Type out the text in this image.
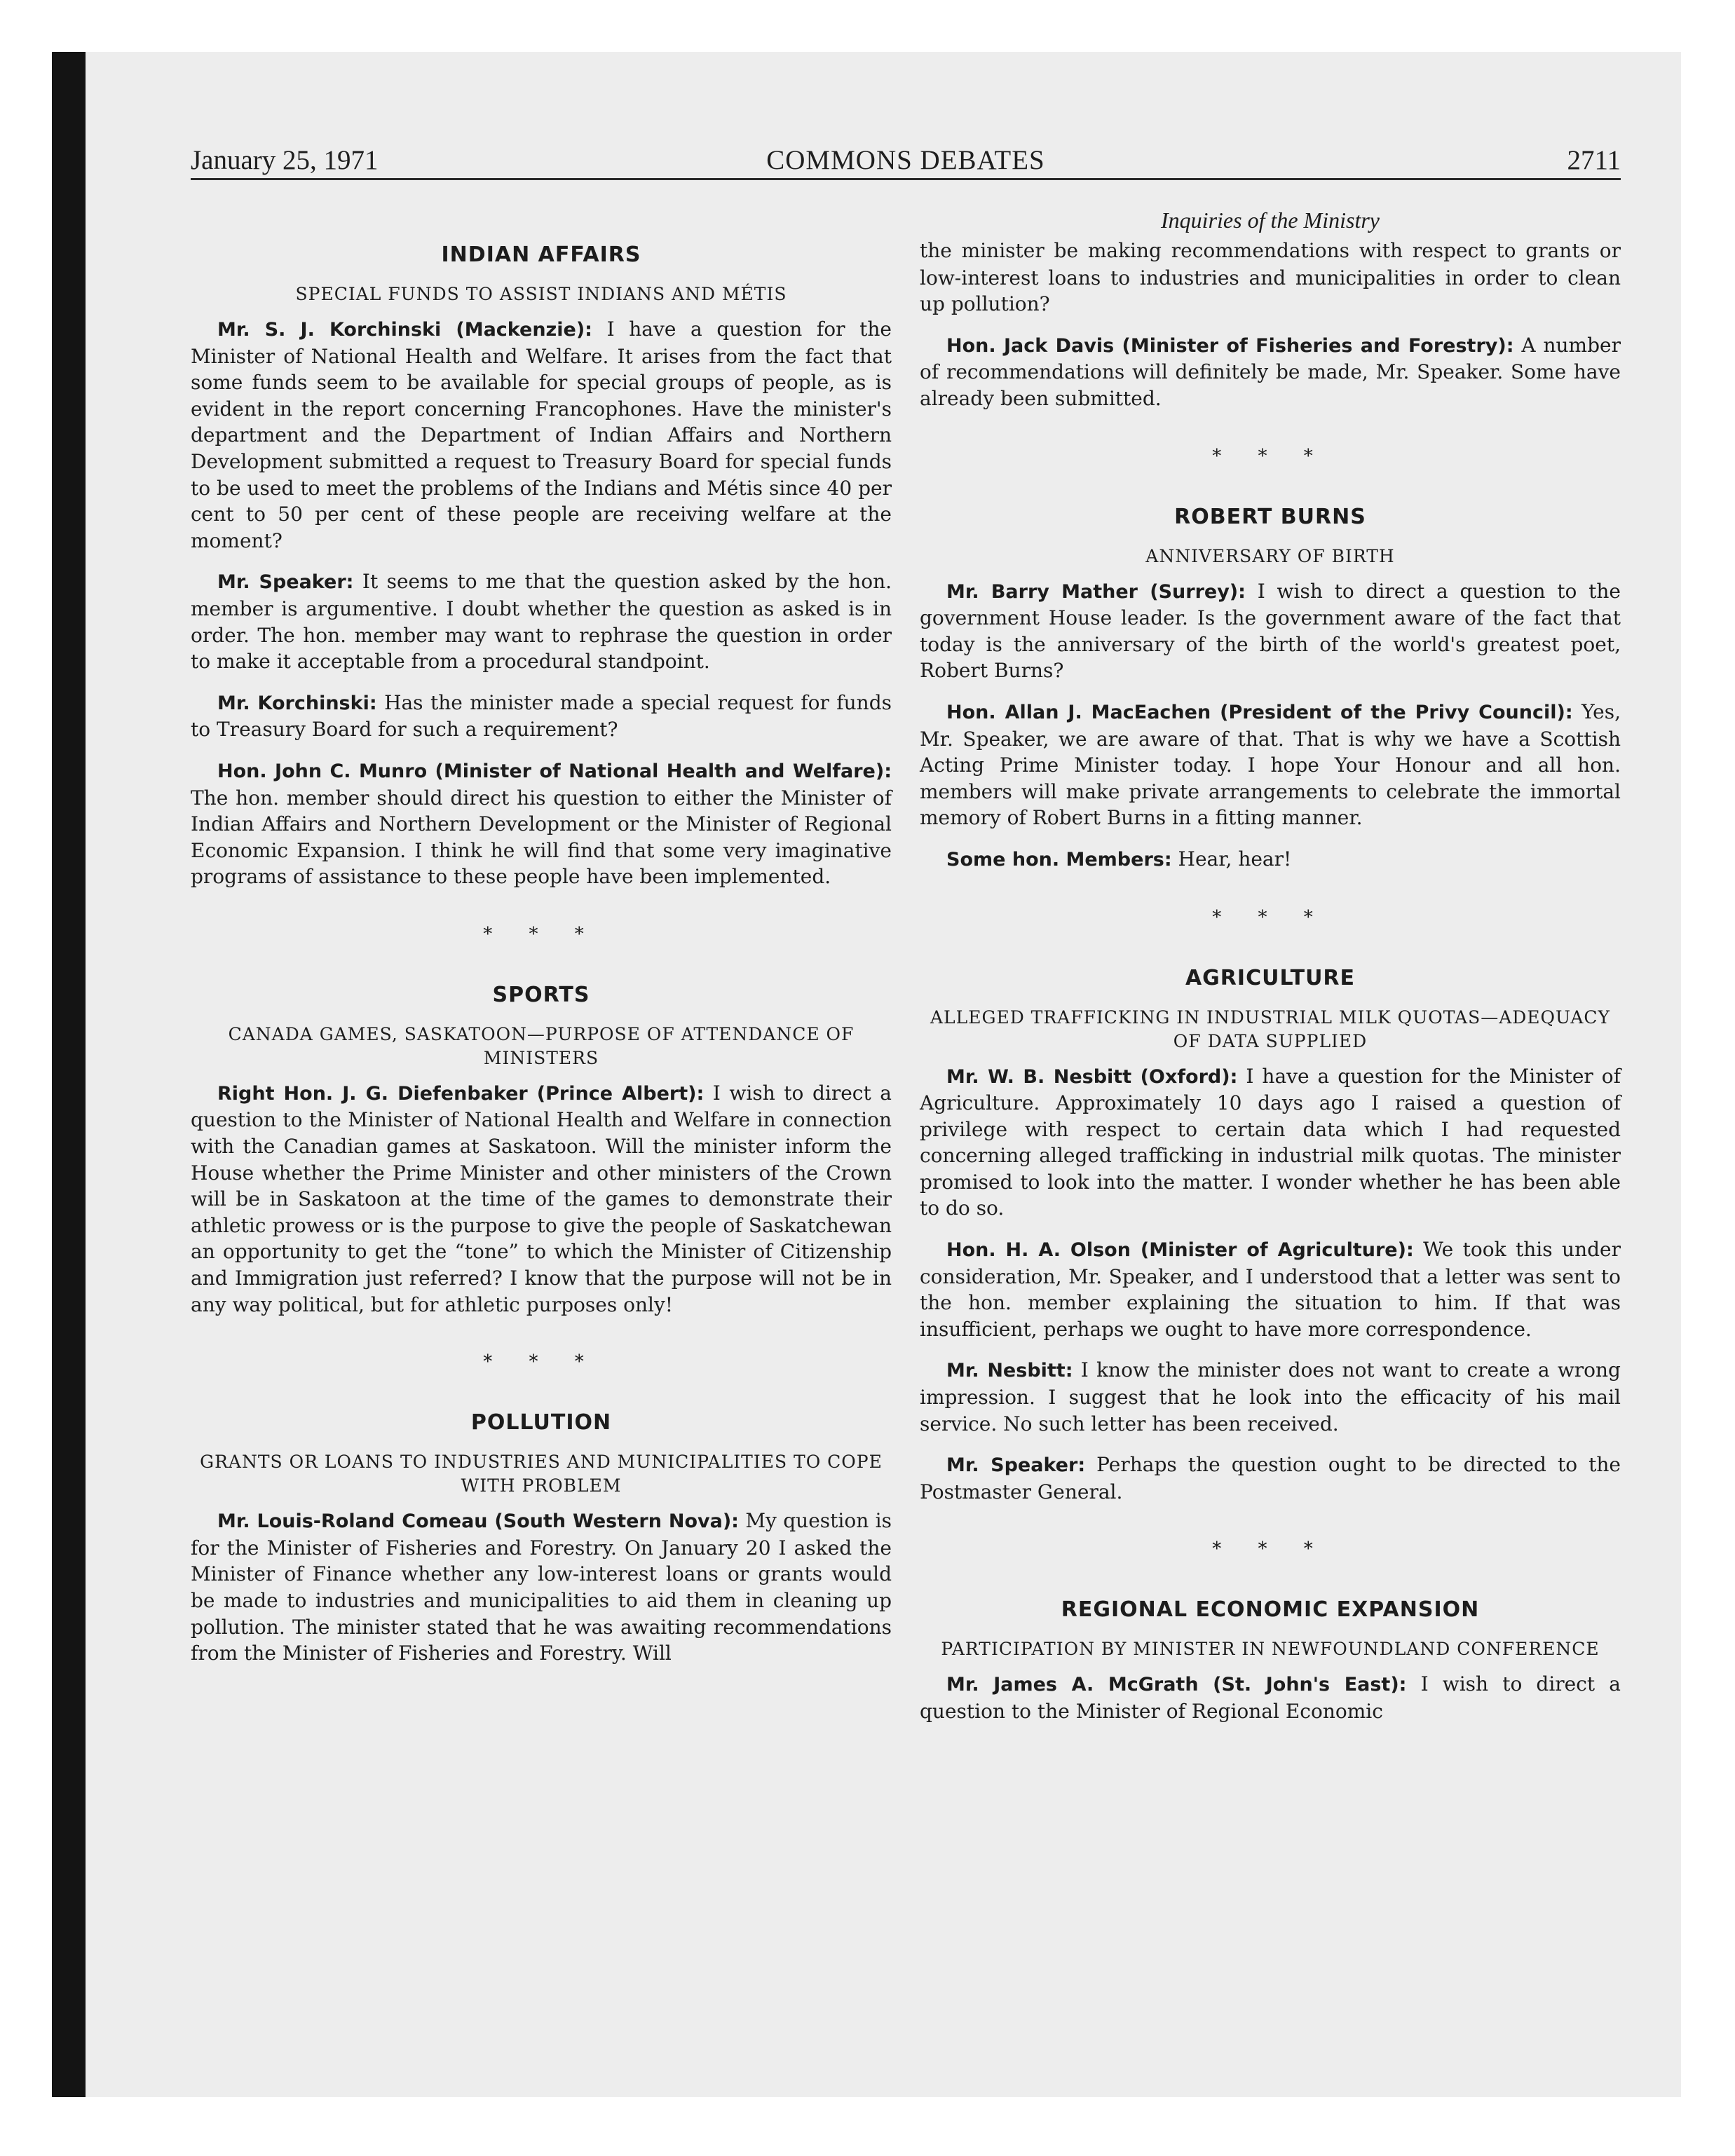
COMMONS DEBATES
January 25, 1971	2711
INDIAN AFFAIRS
SPECIAL FUNDS TO ASSIST INDIANS AND MÉTIS

Mr. S. J. Korchinski (Mackenzie): I have a question for the Minister of National Health and Welfare. It arises from the fact that some funds seem to be available for special groups of people, as is evident in the report concerning Francophones. Have the minister's department and the Department of Indian Affairs and Northern Development submitted a request to Treasury Board for special funds to be used to meet the problems of the Indians and Métis since 40 per cent to 50 per cent of these people are receiving welfare at the moment?

Mr. Speaker: It seems to me that the question asked by the hon. member is argumentive. I doubt whether the question as asked is in order. The hon. member may want to rephrase the question in order to make it acceptable from a procedural standpoint.

Mr. Korchinski: Has the minister made a special request for funds to Treasury Board for such a requirement?

Hon. John C. Munro (Minister of National Health and Welfare): The hon. member should direct his question to either the Minister of Indian Affairs and Northern Development or the Minister of Regional Economic Expansion. I think he will find that some very imaginative programs of assistance to these people have been implemented.

* * *
SPORTS
CANADA GAMES, SASKATOON—PURPOSE OF ATTENDANCE OF MINISTERS

Right Hon. J. G. Diefenbaker (Prince Albert): I wish to direct a question to the Minister of National Health and Welfare in connection with the Canadian games at Saskatoon. Will the minister inform the House whether the Prime Minister and other ministers of the Crown will be in Saskatoon at the time of the games to demonstrate their athletic prowess or is the purpose to give the people of Saskatchewan an opportunity to get the “tone” to which the Minister of Citizenship and Immigration just referred? I know that the purpose will not be in any way political, but for athletic purposes only!

* * *
POLLUTION
GRANTS OR LOANS TO INDUSTRIES AND MUNICIPALITIES TO COPE WITH PROBLEM

Mr. Louis-Roland Comeau (South Western Nova): My question is for the Minister of Fisheries and Forestry. On January 20 I asked the Minister of Finance whether any low-interest loans or grants would be made to industries and municipalities to aid them in cleaning up pollution. The minister stated that he was awaiting recommendations from the Minister of Fisheries and Forestry. Will

Inquiries of the Ministry

the minister be making recommendations with respect to grants or low-interest loans to industries and municipalities in order to clean up pollution?

Hon. Jack Davis (Minister of Fisheries and Forestry): A number of recommendations will definitely be made, Mr. Speaker. Some have already been submitted.

* * *
ROBERT BURNS
ANNIVERSARY OF BIRTH

Mr. Barry Mather (Surrey): I wish to direct a question to the government House leader. Is the government aware of the fact that today is the anniversary of the birth of the world's greatest poet, Robert Burns?

Hon. Allan J. MacEachen (President of the Privy Council): Yes, Mr. Speaker, we are aware of that. That is why we have a Scottish Acting Prime Minister today. I hope Your Honour and all hon. members will make private arrangements to celebrate the immortal memory of Robert Burns in a fitting manner.

Some hon. Members: Hear, hear!

* * *
AGRICULTURE
ALLEGED TRAFFICKING IN INDUSTRIAL MILK QUOTAS—ADEQUACY OF DATA SUPPLIED

Mr. W. B. Nesbitt (Oxford): I have a question for the Minister of Agriculture. Approximately 10 days ago I raised a question of privilege with respect to certain data which I had requested concerning alleged trafficking in industrial milk quotas. The minister promised to look into the matter. I wonder whether he has been able to do so.

Hon. H. A. Olson (Minister of Agriculture): We took this under consideration, Mr. Speaker, and I understood that a letter was sent to the hon. member explaining the situation to him. If that was insufficient, perhaps we ought to have more correspondence.

Mr. Nesbitt: I know the minister does not want to create a wrong impression. I suggest that he look into the efficacity of his mail service. No such letter has been received.

Mr. Speaker: Perhaps the question ought to be directed to the Postmaster General.

* * *
REGIONAL ECONOMIC EXPANSION
PARTICIPATION BY MINISTER IN NEWFOUNDLAND CONFERENCE

Mr. James A. McGrath (St. John's East): I wish to direct a question to the Minister of Regional Economic
